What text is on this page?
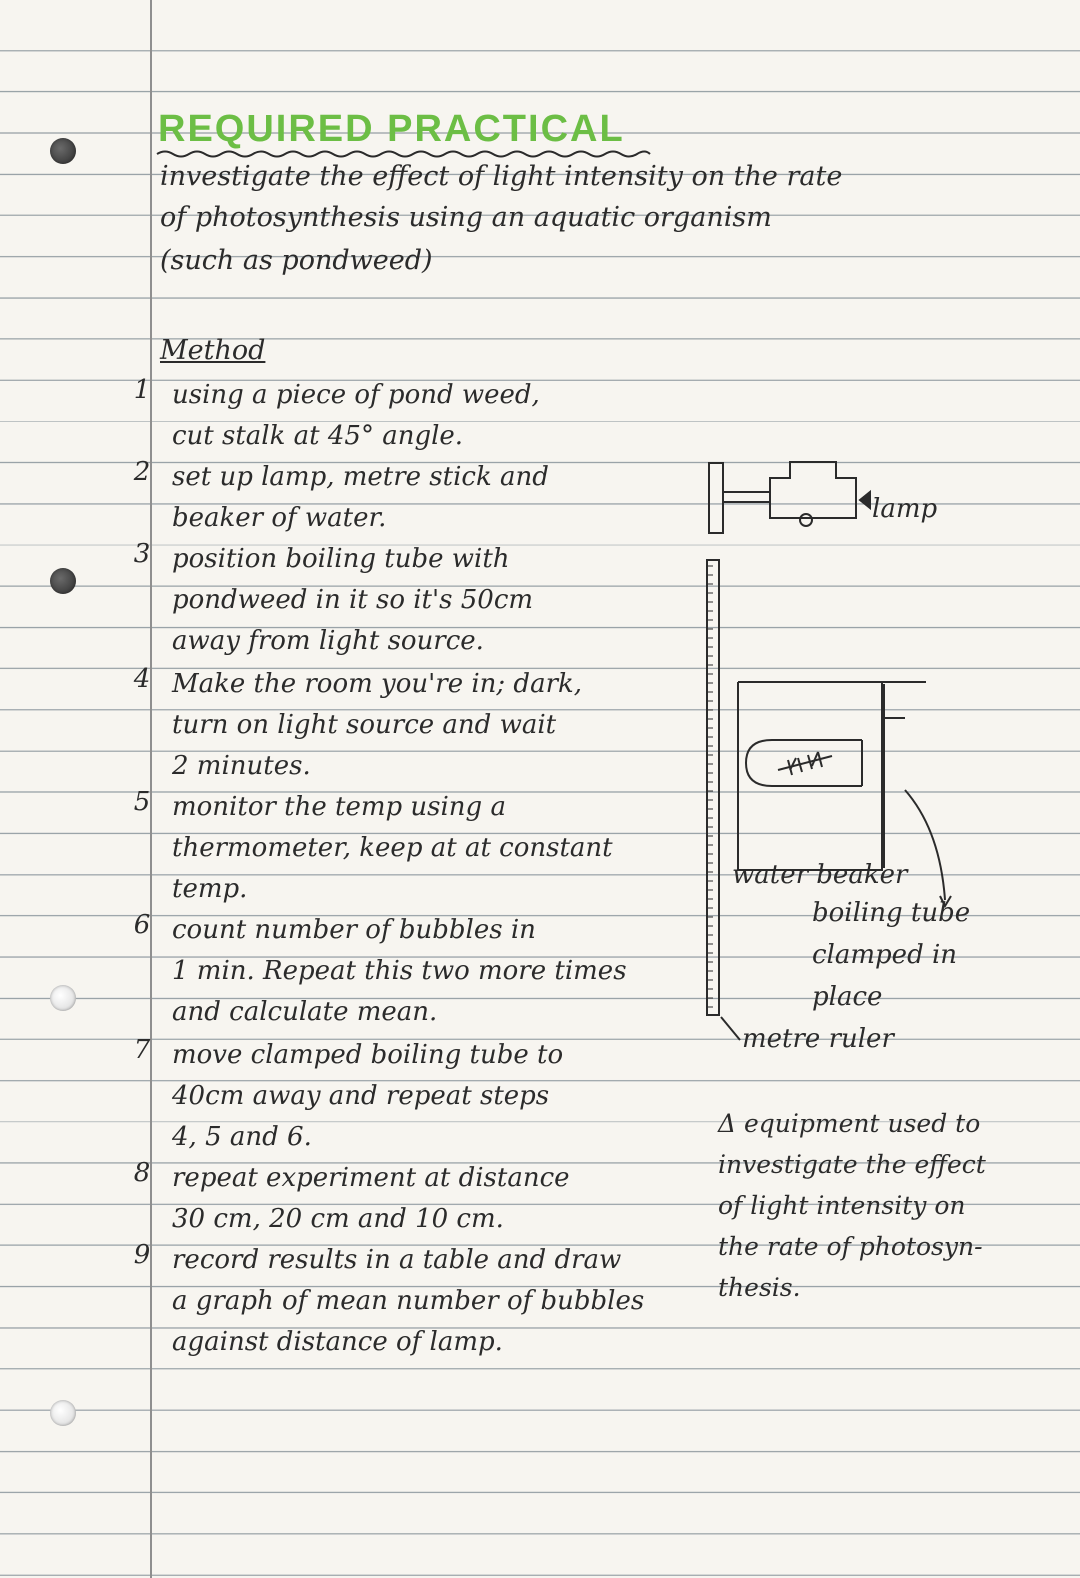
REQUIRED PRACTICAL
investigate the effect of light intensity on the rate
of photosynthesis using an aquatic organism
(such as pondweed)
Method
1 using a piece of pond weed,
cut stalk at 45° angle.
2 set up lamp, metre stick and
beaker of water.
3 position boiling tube with
pondweed in it so it's 50cm
away from light source.
4 Make the room you're in; dark,
turn on light source and wait
2 minutes.
5 monitor the temp using a
thermometer, keep at at constant
temp.
6 count number of bubbles in
1 min. Repeat this two more times
and calculate mean.
7 move clamped boiling tube to
40cm away and repeat steps
4, 5 and 6.
8 repeat experiment at distance
30 cm, 20 cm and 10 cm.
9 record results in a table and draw
a graph of mean number of bubbles
against distance of lamp.
lamp
water beaker
boiling tube
clamped in
place
metre ruler
Δ equipment used to
investigate the effect
of light intensity on
the rate of photosyn-
thesis.
